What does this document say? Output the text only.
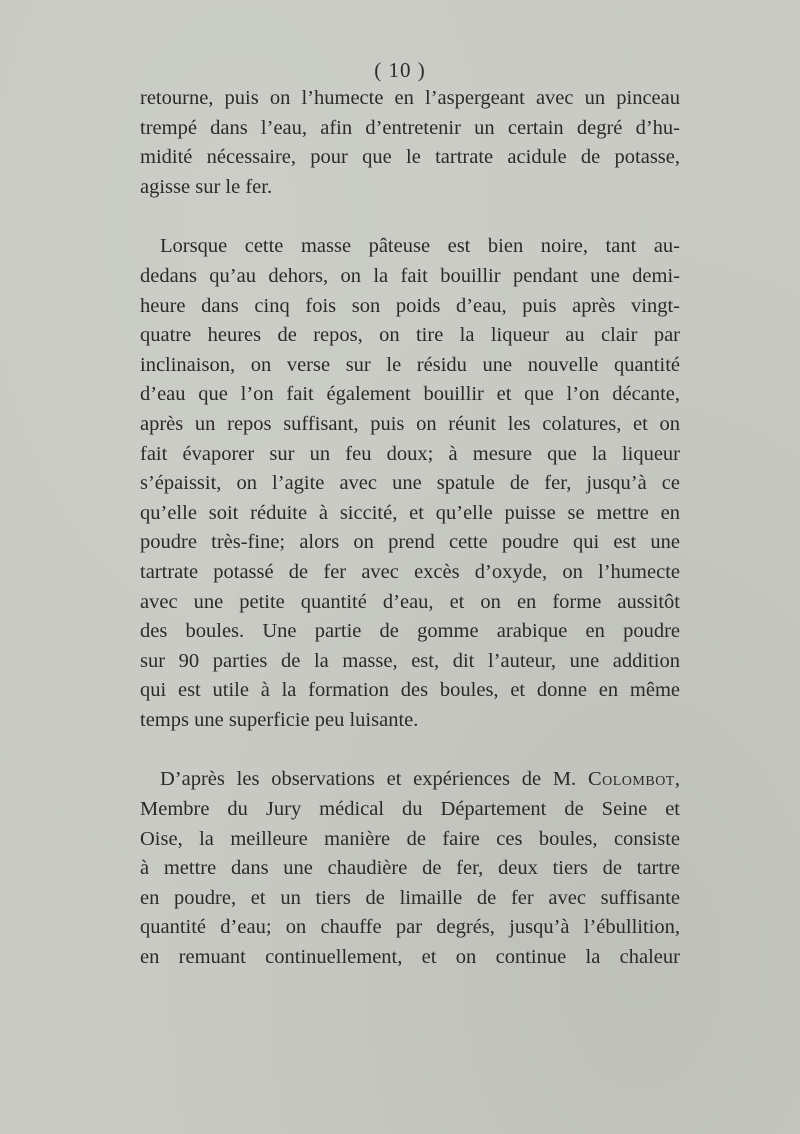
( 10 )

retourne, puis on l’humecte en l’aspergeant avec un pinceau

trempé dans l’eau, afin d’entretenir un certain degré d’hu-

midité nécessaire, pour que le tartrate acidule de potasse,

agisse sur le fer.

Lorsque cette masse pâteuse est bien noire, tant au-

dedans qu’au dehors, on la fait bouillir pendant une demi-

heure dans cinq fois son poids d’eau, puis après vingt-

quatre heures de repos, on tire la liqueur au clair par

inclinaison, on verse sur le résidu une nouvelle quantité

d’eau que l’on fait également bouillir et que l’on décante,

après un repos suffisant, puis on réunit les colatures, et on

fait évaporer sur un feu doux; à mesure que la liqueur

s’épaissit, on l’agite avec une spatule de fer, jusqu’à ce

qu’elle soit réduite à siccité, et qu’elle puisse se mettre en

poudre très-fine; alors on prend cette poudre qui est une

tartrate potassé de fer avec excès d’oxyde, on l’humecte

avec une petite quantité d’eau, et on en forme aussitôt

des boules. Une partie de gomme arabique en poudre

sur 90 parties de la masse, est, dit l’auteur, une addition

qui est utile à la formation des boules, et donne en même

temps une superficie peu luisante.

D’après les observations et expériences de M. Colombot,

Membre du Jury médical du Département de Seine et

Oise, la meilleure manière de faire ces boules, consiste

à mettre dans une chaudière de fer, deux tiers de tartre

en poudre, et un tiers de limaille de fer avec suffisante

quantité d’eau; on chauffe par degrés, jusqu’à l’ébullition,

en remuant continuellement, et on continue la chaleur
